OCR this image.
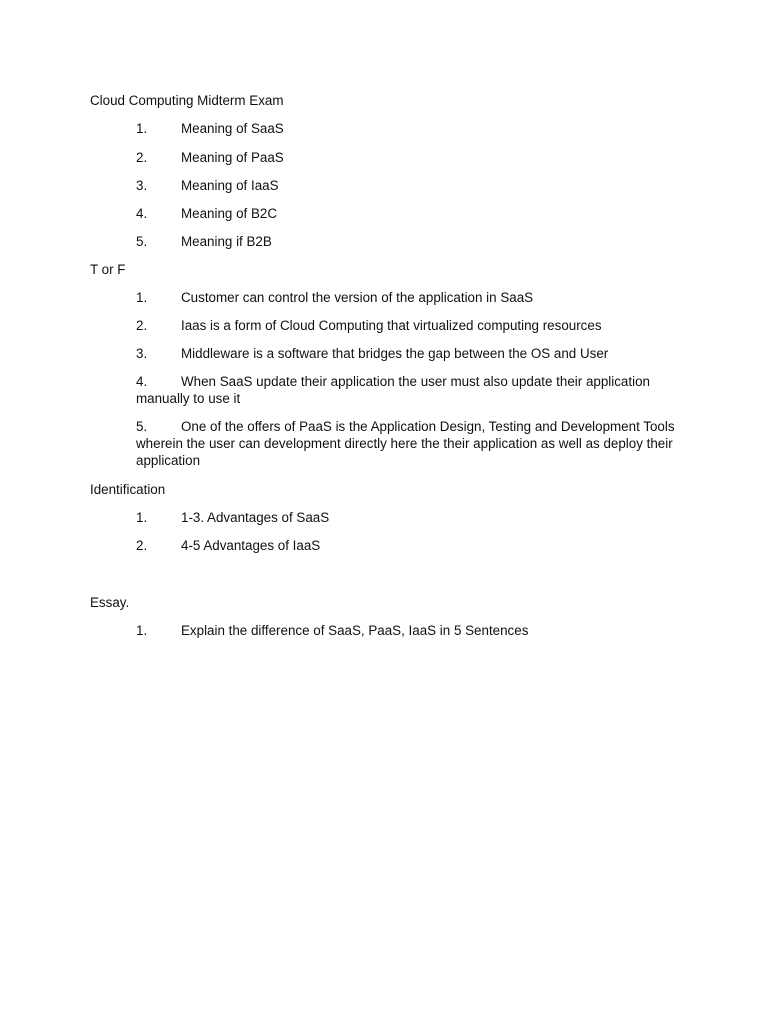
Cloud Computing Midterm Exam
1.	Meaning of SaaS
2.	Meaning of PaaS
3.	Meaning of IaaS
4.	Meaning of B2C
5.	Meaning if B2B
T or F
1.	Customer can control the version of the application in SaaS
2.	Iaas is a form of Cloud Computing that virtualized computing resources
3.	Middleware is a software that bridges the gap between the OS and User
4.	When SaaS update their application the user must also update their application manually to use it
5.	One of the offers of PaaS is the Application Design, Testing and Development Tools wherein the user can development directly here the their application as well as deploy their application
Identification
1.	1-3. Advantages of SaaS
2.	4-5 Advantages of IaaS
Essay.
1.	Explain the difference of SaaS, PaaS, IaaS in 5 Sentences
